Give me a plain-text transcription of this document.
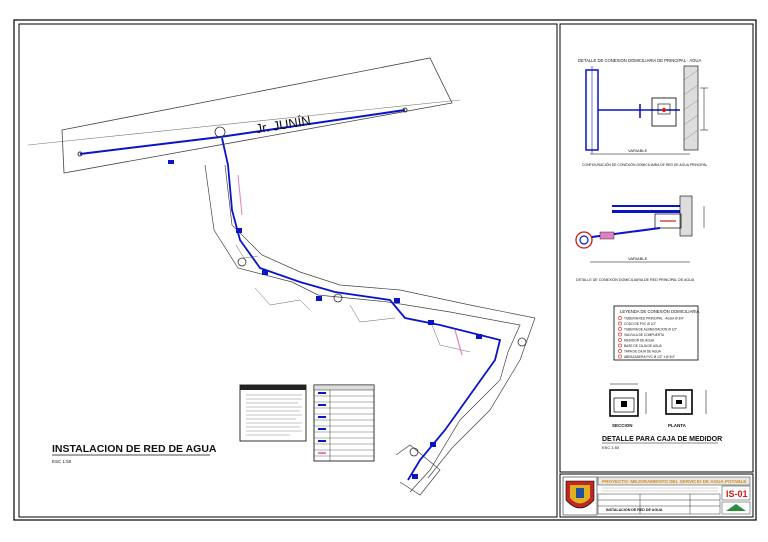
Jr. JUNÍN
INSTALACION DE RED DE AGUA
ESC 1:50
DETALLE DE CONEXION DOMICILIARIA DE PRINCIPAL - AGUA
VARIABLE
CONFIGURACIÓN DE CONEXIÓN DOMICILIARIA DE RED DE AGUA PRINCIPAL
VARIABLE
DETALLE DE CONEXIÓN DOMICILIARIA DE RED PRINCIPAL DE AGUA
LEYENDA DE CONEXIÓN DOMICILIARIA
TUBERIA RED PRINCIPAL - AGUA Ø 3/4"
CODO DE PVC Ø 1/2"
TUBERIA DE ALIMENTACION Ø 1/2"
VALVULA DE COMPUERTA
MEDIDOR DE AGUA
BASE DE CAJA DE AGUA
TAPA DE CAJA DE AGUA
ABRAZADERA PVC Ø 1/2" x Ø 3/4"
SECCION	PLANTA
DETALLE PARA CAJA DE MEDIDOR
ESC 1:50
PROYECTO: MEJORAMIENTO DEL SERVICIO DE AGUA POTABLE
INSTALACION DE RED DE AGUA
IS-01
